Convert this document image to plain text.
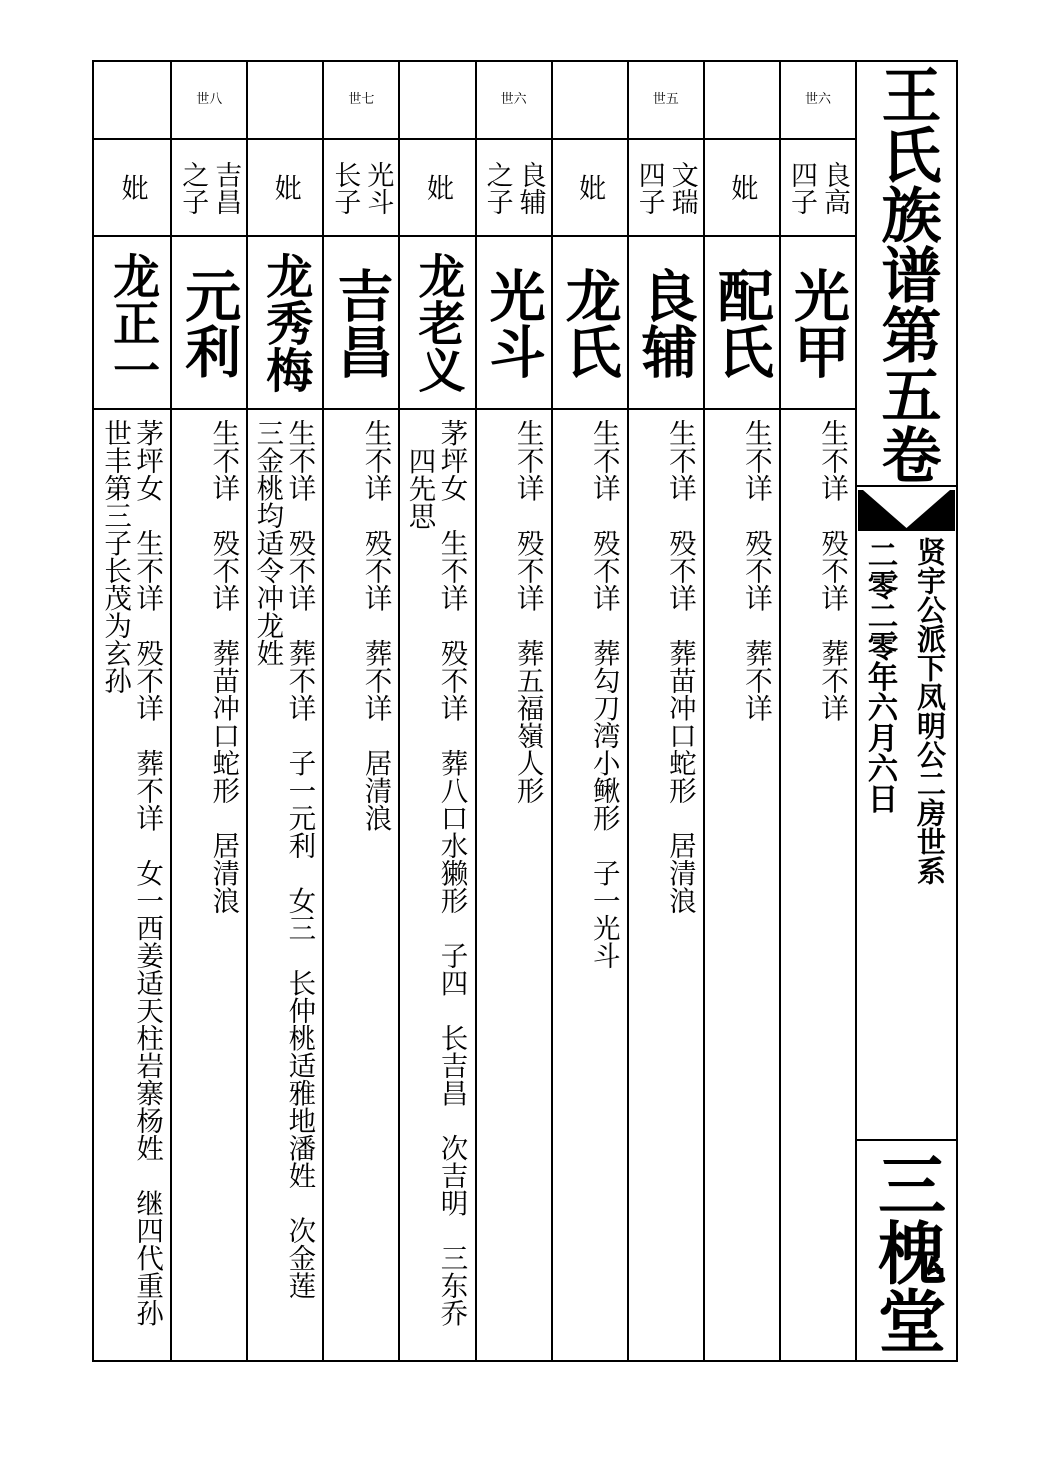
世六
良高
四子
光甲
生不详　殁不详　葬不详
妣
配氏
生不详　殁不详　葬不详
世五
文瑞
四子
良辅
生不详　殁不详　葬苗冲口蛇形　居清浪
妣
龙氏
生不详　殁不详　葬勾刀湾小鳅形　子一光斗
世六
良辅
之子
光斗
生不详　殁不详　葬五福嶺人形
妣
龙老义
茅坪女　生不详　殁不详　葬八口水獭形　子四　长吉昌　次吉明　三东乔
四先思
世七
光斗
长子
吉昌
生不详　殁不详　葬不详　居清浪
妣
龙秀梅
生不详　殁不详　葬不详　子一元利　女三　长仲桃适雅地潘姓　次金莲
三金桃均适令冲龙姓
世八
吉昌
之子
元利
生不详　殁不详　葬苗冲口蛇形　居清浪
妣
龙正一
茅坪女　生不详　殁不详　葬不详　女一西姜适天柱岩寨杨姓　继四代重孙
世丰第三子长茂为玄孙
王氏族谱第五卷
贤宇公派下凤明公二房世系
二零二零年六月六日
三槐堂
